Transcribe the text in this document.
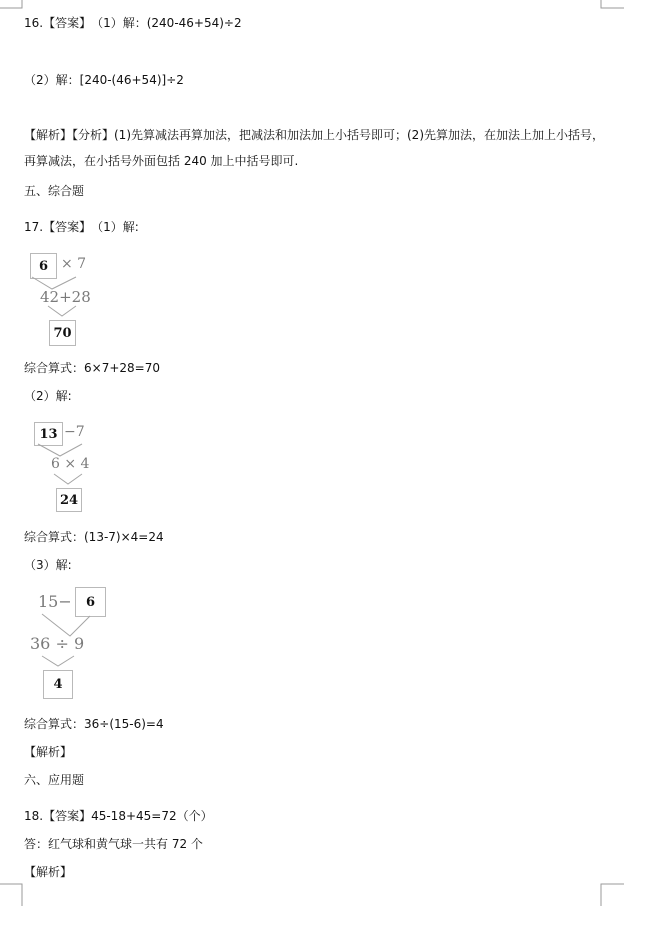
16.【答案】 （1）解：(240-46+54)÷2
（2）解：[240-(46+54)]÷2
【解析】【分析】(1)先算减法再算加法，把减法和加法加上小括号即可；(2)先算加法，在加法上加上小括号，再算减法，在小括号外面包括 240 加上中括号即可.
五、综合题
17.【答案】 （1）解:
6 × 7
42+28
70
综合算式：6×7+28=70
（2）解:
13 −7
6 × 4
24
综合算式：(13-7)×4=24
（3）解:
15−	6
36 ÷ 9
4
综合算式：36÷(15-6)=4
【解析】
六、应用题
18.【答案】45-18+45=72（个）
答：红气球和黄气球一共有 72 个
【解析】
